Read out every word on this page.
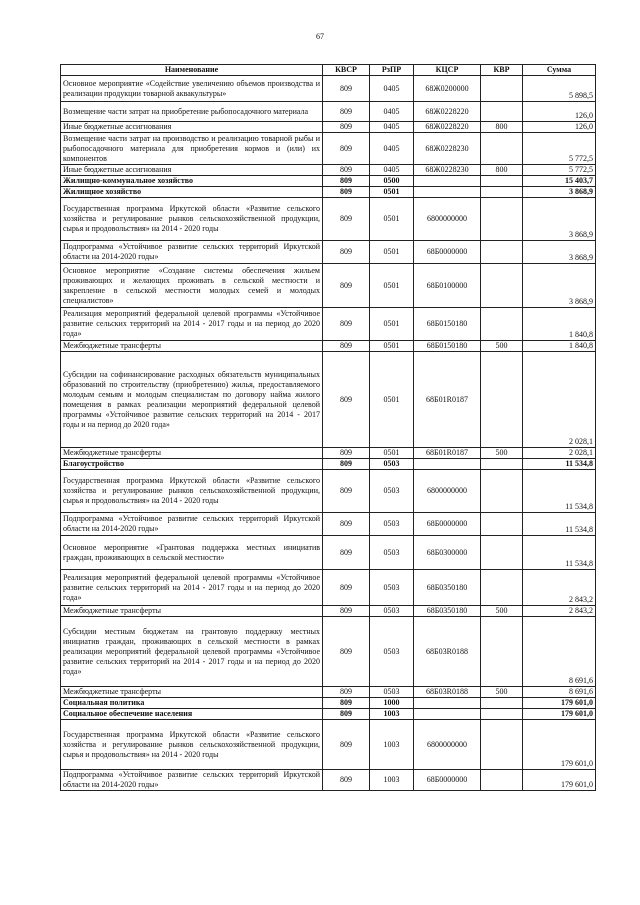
67
Наименование	КВСР	РзПР	КЦСР	КВР	Сумма
Основное мероприятие «Содействие увеличению объемов производства и реализации продукции товарной аквакультуры»	809	0405	68Ж0200000		5 898,5
Возмещение части затрат на приобретение рыбопосадочного материала	809	0405	68Ж0228220		126,0
Иные бюджетные ассигнования	809	0405	68Ж0228220	800	126,0
Возмещение части затрат на производство и реализацию товарной рыбы и рыбопосадочного материала для приобретения кормов и (или) их компонентов	809	0405	68Ж0228230		5 772,5
Иные бюджетные ассигнования	809	0405	68Ж0228230	800	5 772,5
Жилищно-коммунальное хозяйство	809	0500			15 403,7
Жилищное хозяйство	809	0501			3 868,9
Государственная программа Иркутской области «Развитие сельского хозяйства и регулирование рынков сельскохозяйственной продукции, сырья и продовольствия» на 2014 - 2020 годы	809	0501	6800000000		3 868,9
Подпрограмма «Устойчивое развитие сельских территорий Иркутской области на 2014-2020 годы»	809	0501	68Б0000000		3 868,9
Основное мероприятие «Создание системы обеспечения жильем проживающих и желающих проживать в сельской местности и закрепление в сельской местности молодых семей и молодых специалистов»	809	0501	68Б0100000		3 868,9
Реализация мероприятий федеральной целевой программы «Устойчивое развитие сельских территорий на 2014 - 2017 годы и на период до 2020 года»	809	0501	68Б0150180		1 840,8
Межбюджетные трансферты	809	0501	68Б0150180	500	1 840,8
Субсидии на софинансирование расходных обязательств муниципальных образований по строительству (приобретению) жилья, предоставляемого молодым семьям и молодым специалистам по договору найма жилого помещения в рамках реализации мероприятий федеральной целевой программы «Устойчивое развитие сельских территорий на 2014 - 2017 годы и на период до 2020 года»	809	0501	68Б01R0187		2 028,1
Межбюджетные трансферты	809	0501	68Б01R0187	500	2 028,1
Благоустройство	809	0503			11 534,8
Государственная программа Иркутской области «Развитие сельского хозяйства и регулирование рынков сельскохозяйственной продукции, сырья и продовольствия» на 2014 - 2020 годы	809	0503	6800000000		11 534,8
Подпрограмма «Устойчивое развитие сельских территорий Иркутской области на 2014-2020 годы»	809	0503	68Б0000000		11 534,8
Основное мероприятие «Грантовая поддержка местных инициатив граждан, проживающих в сельской местности»	809	0503	68Б0300000		11 534,8
Реализация мероприятий федеральной целевой программы «Устойчивое развитие сельских территорий на 2014 - 2017 годы и на период до 2020 года»	809	0503	68Б0350180		2 843,2
Межбюджетные трансферты	809	0503	68Б0350180	500	2 843,2
Субсидии местным бюджетам на грантовую поддержку местных инициатив граждан, проживающих в сельской местности в рамках реализации мероприятий федеральной целевой программы «Устойчивое развитие сельских территорий на 2014 - 2017 годы и на период до 2020 года»	809	0503	68Б03R0188		8 691,6
Межбюджетные трансферты	809	0503	68Б03R0188	500	8 691,6
Социальная политика	809	1000			179 601,0
Социальное обеспечение населения	809	1003			179 601,0
Государственная программа Иркутской области «Развитие сельского хозяйства и регулирование рынков сельскохозяйственной продукции, сырья и продовольствия» на 2014 - 2020 годы	809	1003	6800000000		179 601,0
Подпрограмма «Устойчивое развитие сельских территорий Иркутской области на 2014-2020 годы»	809	1003	68Б0000000		179 601,0
